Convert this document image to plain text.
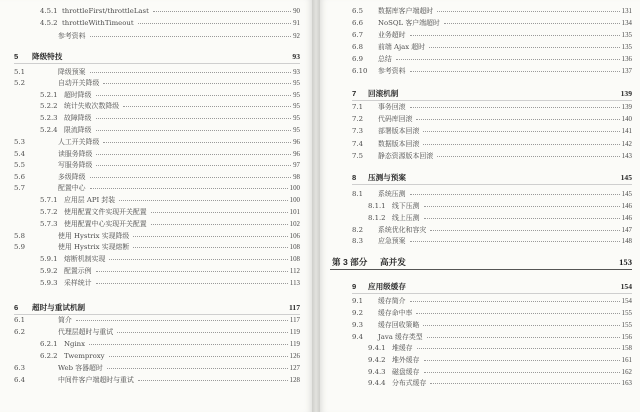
4.5.1 throttleFirst/throttleLast	90
4.5.2 throttleWithTimeout	91
参考资料	92
5	降级特技	93
5.1	降级预案	93
5.2	自动开关降级	95
5.2.1 超时降级	95
5.2.2 统计失败次数降级	95
5.2.3 故障降级	95
5.2.4 限流降级	95
5.3	人工开关降级	96
5.4	读服务降级	96
5.5	写服务降级	97
5.6	多级降级	98
5.7	配置中心	100
5.7.1 应用层 API 封装	100
5.7.2 使用配置文件实现开关配置	101
5.7.3 使用配置中心实现开关配置	102
5.8	使用 Hystrix 实现降级	106
5.9	使用 Hystrix 实现熔断	108
5.9.1 熔断机制实现	108
5.9.2 配置示例	112
5.9.3 采样统计	113
6	超时与重试机制	117
6.1	简介	117
6.2	代理层超时与重试	119
6.2.1 Nginx	119
6.2.2 Twemproxy	126
6.3	Web 容器超时	127
6.4	中间件客户端超时与重试	128
6.5	数据库客户端超时	131
6.6	NoSQL 客户端超时	134
6.7	业务超时	135
6.8	前端 Ajax 超时	135
6.9	总结	136
6.10	参考资料	137
7	回滚机制	139
7.1	事务回滚	139
7.2	代码库回滚	140
7.3	部署版本回滚	141
7.4	数据版本回滚	142
7.5	静态资源版本回滚	143
8	压测与预案	145
8.1	系统压测	145
8.1.1 线下压测	146
8.1.2 线上压测	146
8.2	系统优化和容灾	147
8.3	应急预案	148
第 3 部分	高并发	153
9	应用级缓存	154
9.1	缓存简介	154
9.2	缓存命中率	155
9.3	缓存回收策略	155
9.4	Java 缓存类型	156
9.4.1 堆缓存	158
9.4.2 堆外缓存	161
9.4.3 磁盘缓存	162
9.4.4 分布式缓存	163
